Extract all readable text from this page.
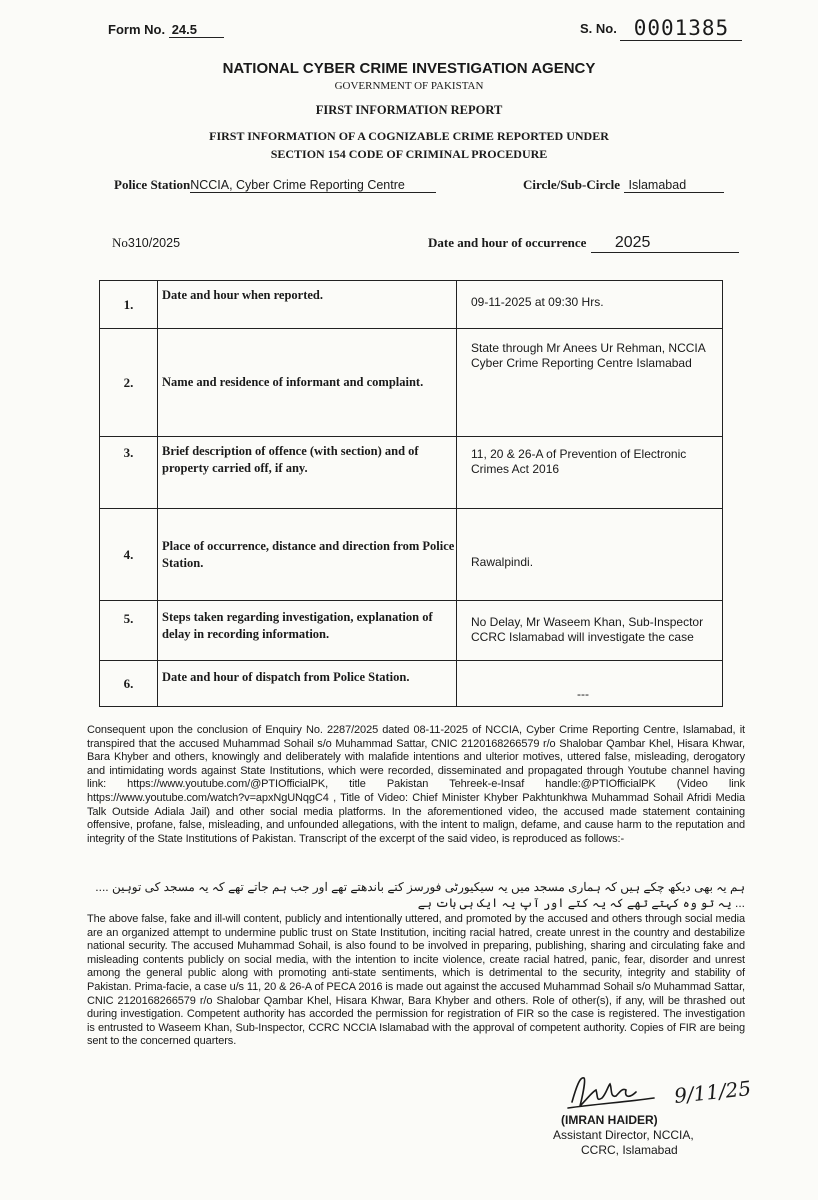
Form No. 24.5	S. No. 0001385
NATIONAL CYBER CRIME INVESTIGATION AGENCY
GOVERNMENT OF PAKISTAN
FIRST INFORMATION REPORT
FIRST INFORMATION OF A COGNIZABLE CRIME REPORTED UNDER
SECTION 154 CODE OF CRIMINAL PROCEDURE
Police StationNCCIA, Cyber Crime Reporting Centre	Circle/Sub-Circle Islamabad
No310/2025	Date and hour of occurrence 2025
1.	Date and hour when reported.	09-11-2025 at 09:30 Hrs.
2.	Name and residence of informant and complaint.	State through Mr Anees Ur Rehman, NCCIA Cyber Crime Reporting Centre Islamabad
3.	Brief description of offence (with section) and of property carried off, if any.	11, 20 & 26-A of Prevention of Electronic Crimes Act 2016
4.	Place of occurrence, distance and direction from Police Station.	Rawalpindi.
5.	Steps taken regarding investigation, explanation of delay in recording information.	No Delay, Mr Waseem Khan, Sub-Inspector CCRC Islamabad will investigate the case
6.	Date and hour of dispatch from Police Station.	---
Consequent upon the conclusion of Enquiry No. 2287/2025 dated 08-11-2025 of NCCIA, Cyber Crime Reporting Centre, Islamabad, it transpired that the accused Muhammad Sohail s/o Muhammad Sattar, CNIC 2120168266579 r/o Shalobar Qambar Khel, Hisara Khwar, Bara Khyber and others, knowingly and deliberately with malafide intentions and ulterior motives, uttered false, misleading, derogatory and intimidating words against State Institutions, which were recorded, disseminated and propagated through Youtube channel having link: https://www.youtube.com/@PTIOfficialPK, title Pakistan Tehreek-e-Insaf handle:@PTIOfficialPK (Video link https://www.youtube.com/watch?v=apxNgUNqgC4 , Title of Video: Chief Minister Khyber Pakhtunkhwa Muhammad Sohail Afridi Media Talk Outside Adiala Jail) and other social media platforms. In the aforementioned video, the accused made statement containing offensive, profane, false, misleading, and unfounded allegations, with the intent to malign, defame, and cause harm to the reputation and integrity of the State Institutions of Pakistan. Transcript of the excerpt of the said video, is reproduced as follows:-
ہم یہ بھی دیکھ چکے ہیں کہ ہماری مسجد میں یہ سیکیورٹی فورسز کتے باندھتے تھے اور جب ہم جاتے تھے کہ یہ مسجد کی توہین ....
... یہ تو وہ کہتے تھے کہ یہ کتے اور آپ یہ ایک ہی بات ہے
The above false, fake and ill-will content, publicly and intentionally uttered, and promoted by the accused and others through social media are an organized attempt to undermine public trust on State Institution, inciting racial hatred, create unrest in the country and destabilize national security. The accused Muhammad Sohail, is also found to be involved in preparing, publishing, sharing and circulating fake and misleading contents publicly on social media, with the intention to incite violence, create racial hatred, panic, fear, disorder and unrest among the general public along with promoting anti-state sentiments, which is detrimental to the security, integrity and stability of Pakistan. Prima-facie, a case u/s 11, 20 & 26-A of PECA 2016 is made out against the accused Muhammad Sohail s/o Muhammad Sattar, CNIC 2120168266579 r/o Shalobar Qambar Khel, Hisara Khwar, Bara Khyber and others. Role of other(s), if any, will be thrashed out during investigation. Competent authority has accorded the permission for registration of FIR so the case is registered. The investigation is entrusted to Waseem Khan, Sub-Inspector, CCRC NCCIA Islamabad with the approval of competent authority. Copies of FIR are being sent to the concerned quarters.
9/11/25
(IMRAN HAIDER)
Assistant Director, NCCIA,
CCRC, Islamabad
